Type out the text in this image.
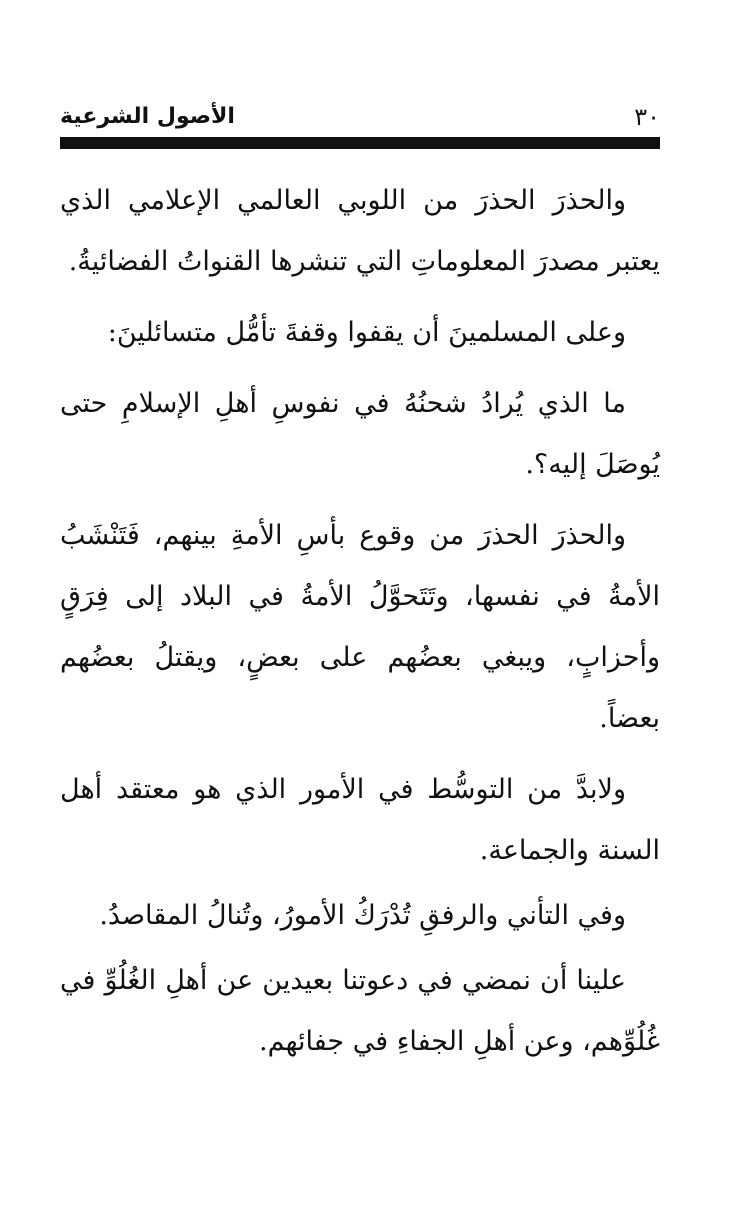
٣٠
الأصول الشرعية

والحذرَ الحذرَ من اللوبي العالمي الإعلامي الذي يعتبر مصدرَ المعلوماتِ التي تنشرها القنواتُ الفضائيةُ.

وعلى المسلمينَ أن يقفوا وقفةَ تأمُّل متسائلينَ:

ما الذي يُرادُ شحنُهُ في نفوسِ أهلِ الإسلامِ حتى يُوصَلَ إليه؟.

والحذرَ الحذرَ من وقوع بأسِ الأمةِ بينهم، فَتَنْشَبُ الأمةُ في نفسها، وتَتَحوَّلُ الأمةُ في البلاد إلى فِرَقٍ وأحزابٍ، ويبغي بعضُهم على بعضٍ، ويقتلُ بعضُهم بعضاً.

ولابدَّ من التوسُّط في الأمور الذي هو معتقد أهل السنة والجماعة.

وفي التأني والرفقِ تُدْرَكُ الأمورُ، وتُنالُ المقاصدُ.

علينا أن نمضي في دعوتنا بعيدين عن أهلِ الغُلُوِّ في غُلُوِّهم، وعن أهلِ الجفاءِ في جفائهم.
